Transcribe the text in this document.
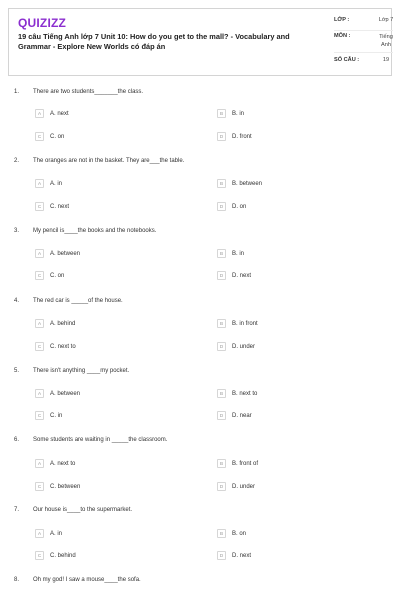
QUIZIZZ
19 câu Tiếng Anh lớp 7 Unit 10: How do you get to the mall? - Vocabulary and Grammar - Explore New Worlds có đáp án
LỚP :	Lớp 7
MÔN :	Tiếng Anh
SỐ CÂU :	19
1. There are two students_______the class.
A	A. next	B	B. in
C	C. on	D	D. front
2. The oranges are not in the basket. They are___the table.
A	A. in	B	B. between
C	C. next	D	D. on
3. My pencil is____the books and the notebooks.
A	A. between	B	B. in
C	C. on	D	D. next
4. The red car is _____of the house.
A	A. behind	B	B. in front
C	C. next to	D	D. under
5. There isn't anything ____my pocket.
A	A. between	B	B. next to
C	C. in	D	D. near
6. Some students are waiting in _____the classroom.
A	A. next to	B	B. front of
C	C. between	D	D. under
7. Our house is____to the supermarket.
A	A. in	B	B. on
C	C. behind	D	D. next
8. Oh my god! I saw a mouse____the sofa.
